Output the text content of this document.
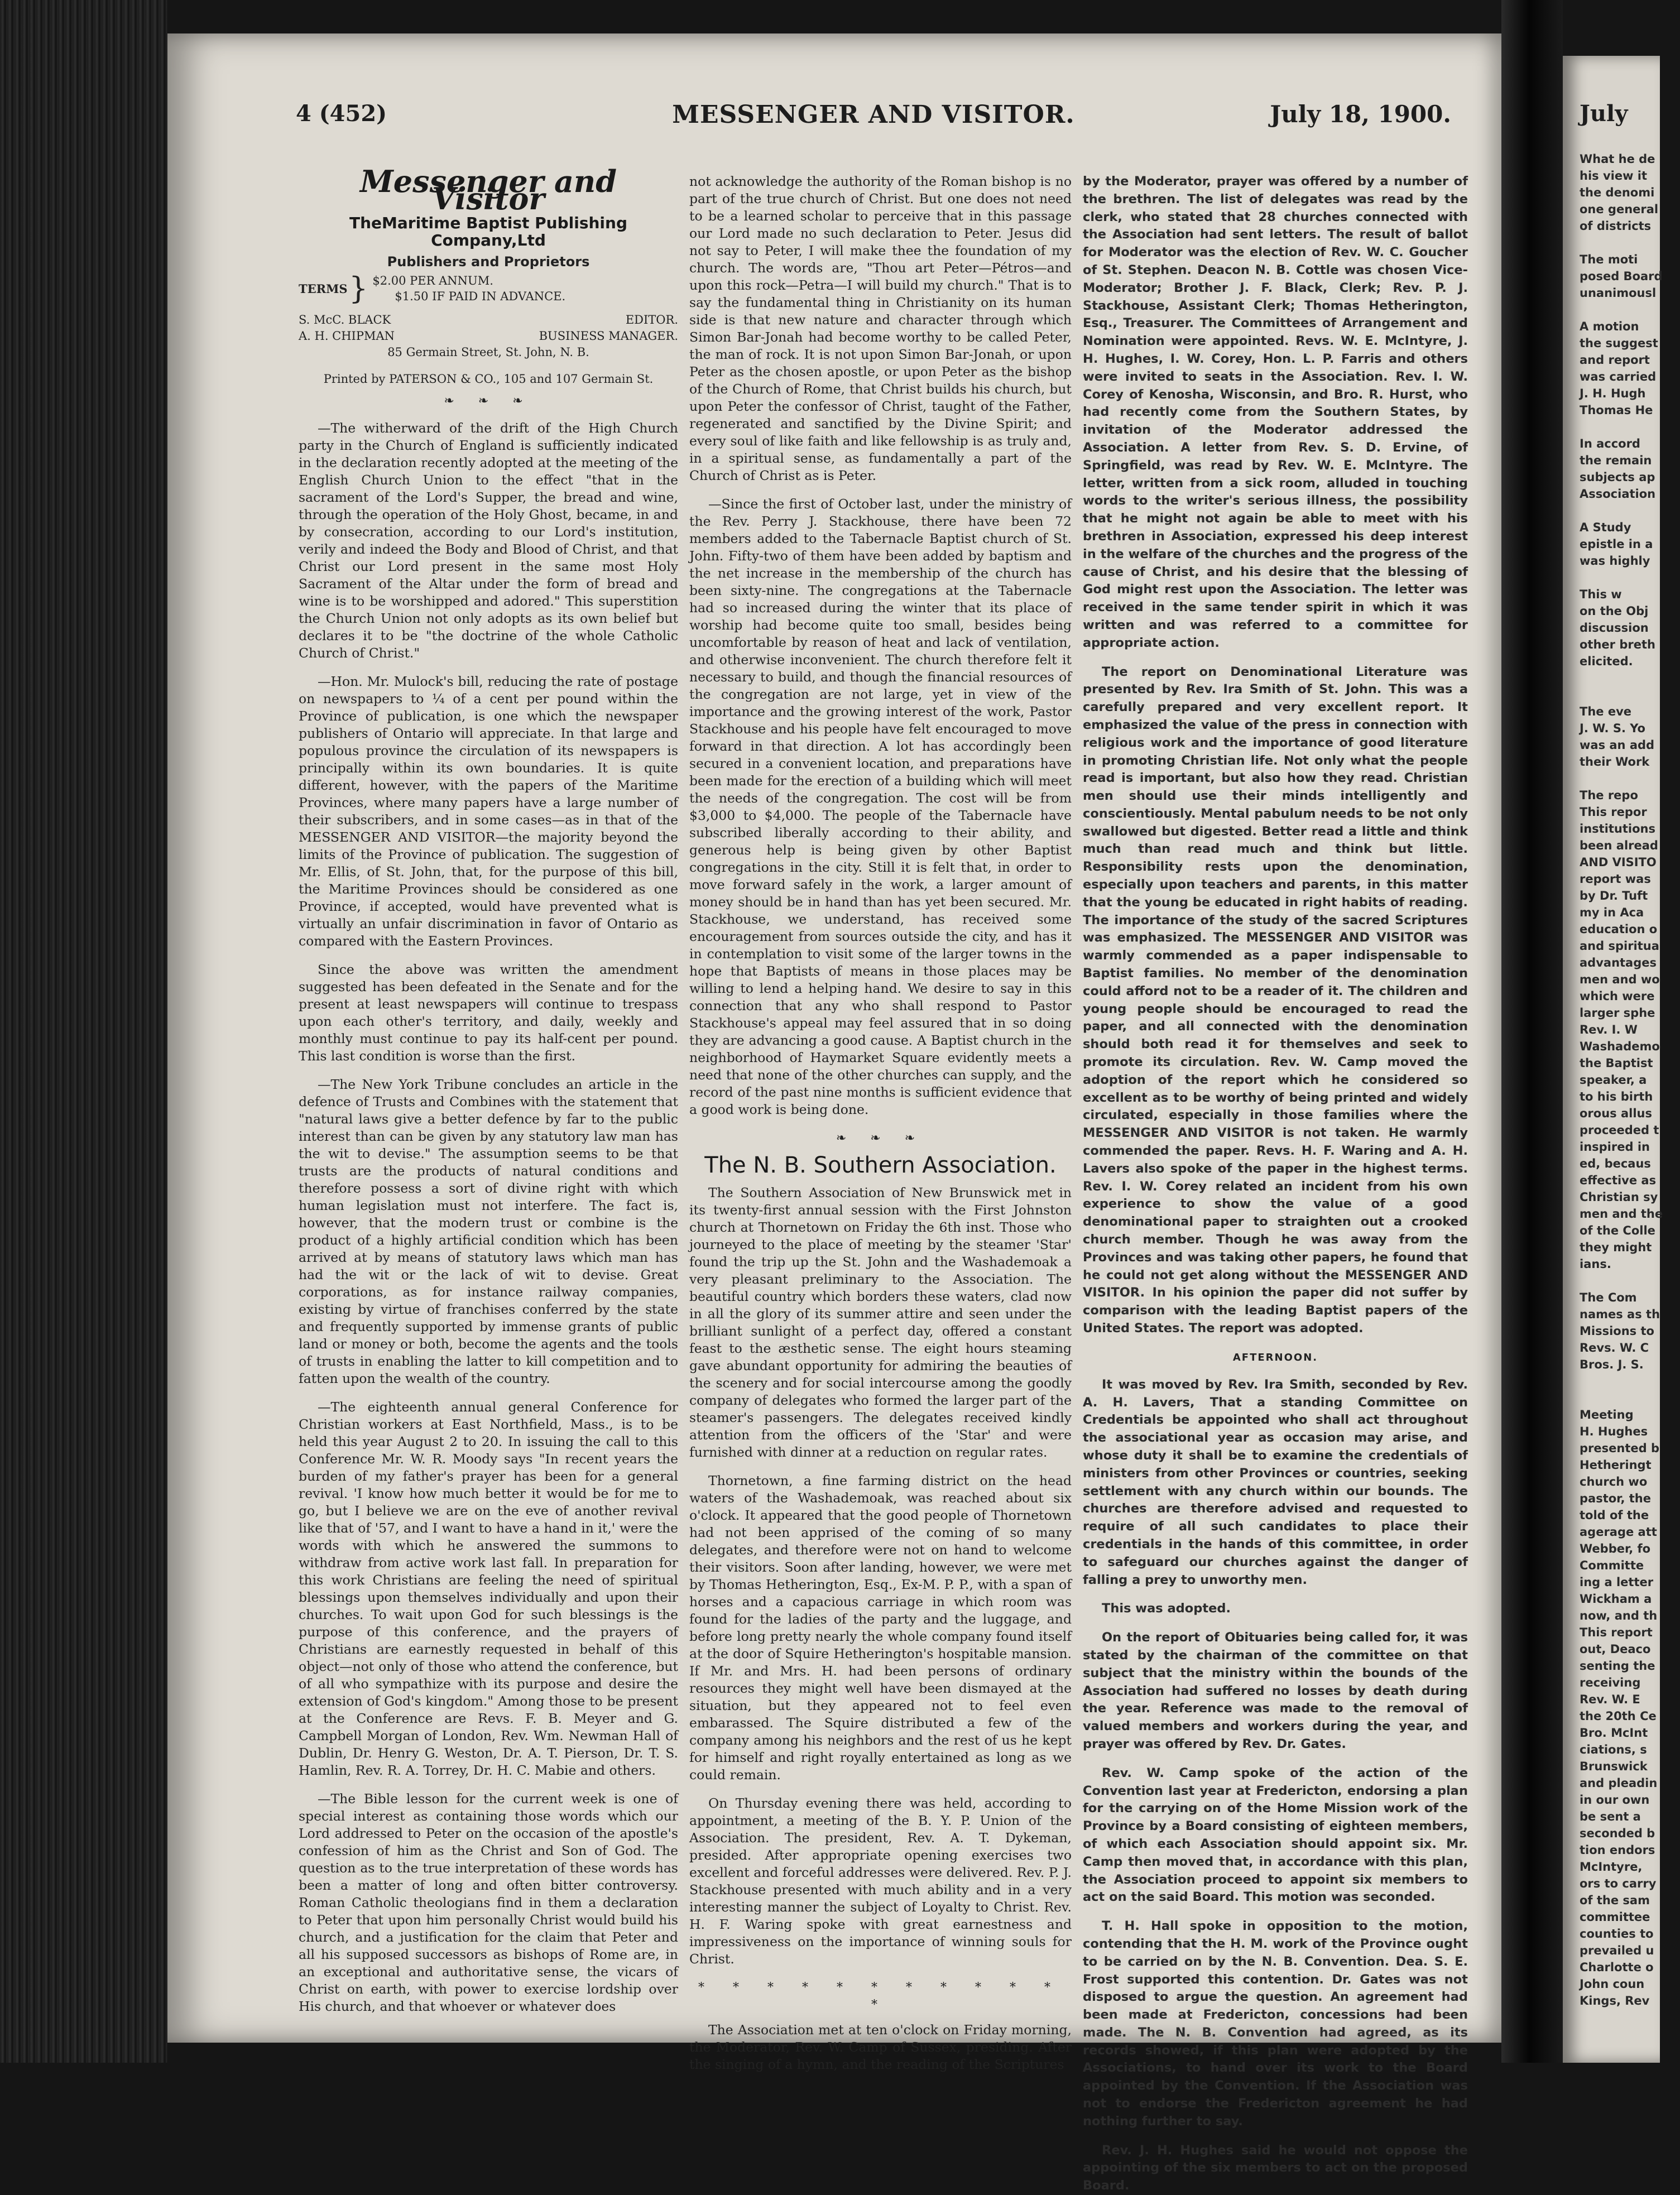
4 (452)	MESSENGER AND VISITOR.	July 18, 1900.
Messenger and Visitor
TheMaritime Baptist Publishing Company,Ltd
Publishers and Proprietors
TERMS } $2.00 PER ANNUM.
$1.50 IF PAID IN ADVANCE.
S. McC. BLACK	EDITOR.
A. H. CHIPMAN	BUSINESS MANAGER.
85 Germain Street, St. John, N. B.
Printed by PATERSON & CO., 105 and 107 Germain St.
❧ ❧ ❧

—The witherward of the drift of the High Church party in the Church of England is sufficiently indicated in the declaration recently adopted at the meeting of the English Church Union to the effect "that in the sacrament of the Lord's Supper, the bread and wine, through the operation of the Holy Ghost, became, in and by consecration, according to our Lord's institution, verily and indeed the Body and Blood of Christ, and that Christ our Lord present in the same most Holy Sacrament of the Altar under the form of bread and wine is to be worshipped and adored." This superstition the Church Union not only adopts as its own belief but declares it to be "the doctrine of the whole Catholic Church of Christ."

—Hon. Mr. Mulock's bill, reducing the rate of postage on newspapers to ¼ of a cent per pound within the Province of publication, is one which the newspaper publishers of Ontario will appreciate. In that large and populous province the circulation of its newspapers is principally within its own boundaries. It is quite different, however, with the papers of the Maritime Provinces, where many papers have a large number of their subscribers, and in some cases—as in that of the MESSENGER AND VISITOR—the majority beyond the limits of the Province of publication. The suggestion of Mr. Ellis, of St. John, that, for the purpose of this bill, the Maritime Provinces should be considered as one Province, if accepted, would have prevented what is virtually an unfair discrimination in favor of Ontario as compared with the Eastern Provinces.

Since the above was written the amendment suggested has been defeated in the Senate and for the present at least newspapers will continue to trespass upon each other's territory, and daily, weekly and monthly must continue to pay its half-cent per pound. This last condition is worse than the first.

—The New York Tribune concludes an article in the defence of Trusts and Combines with the statement that "natural laws give a better defence by far to the public interest than can be given by any statutory law man has the wit to devise." The assumption seems to be that trusts are the products of natural conditions and therefore possess a sort of divine right with which human legislation must not interfere. The fact is, however, that the modern trust or combine is the product of a highly artificial condition which has been arrived at by means of statutory laws which man has had the wit or the lack of wit to devise. Great corporations, as for instance railway companies, existing by virtue of franchises conferred by the state and frequently supported by immense grants of public land or money or both, become the agents and the tools of trusts in enabling the latter to kill competition and to fatten upon the wealth of the country.

—The eighteenth annual general Conference for Christian workers at East Northfield, Mass., is to be held this year August 2 to 20. In issuing the call to this Conference Mr. W. R. Moody says "In recent years the burden of my father's prayer has been for a general revival. 'I know how much better it would be for me to go, but I believe we are on the eve of another revival like that of '57, and I want to have a hand in it,' were the words with which he answered the summons to withdraw from active work last fall. In preparation for this work Christians are feeling the need of spiritual blessings upon themselves individually and upon their churches. To wait upon God for such blessings is the purpose of this conference, and the prayers of Christians are earnestly requested in behalf of this object—not only of those who attend the conference, but of all who sympathize with its purpose and desire the extension of God's kingdom." Among those to be present at the Conference are Revs. F. B. Meyer and G. Campbell Morgan of London, Rev. Wm. Newman Hall of Dublin, Dr. Henry G. Weston, Dr. A. T. Pierson, Dr. T. S. Hamlin, Rev. R. A. Torrey, Dr. H. C. Mabie and others.

—The Bible lesson for the current week is one of special interest as containing those words which our Lord addressed to Peter on the occasion of the apostle's confession of him as the Christ and Son of God. The question as to the true interpretation of these words has been a matter of long and often bitter controversy. Roman Catholic theologians find in them a declaration to Peter that upon him personally Christ would build his church, and a justification for the claim that Peter and all his supposed successors as bishops of Rome are, in an exceptional and authoritative sense, the vicars of Christ on earth, with power to exercise lordship over His church, and that whoever or whatever does

not acknowledge the authority of the Roman bishop is no part of the true church of Christ. But one does not need to be a learned scholar to perceive that in this passage our Lord made no such declaration to Peter. Jesus did not say to Peter, I will make thee the foundation of my church. The words are, "Thou art Peter—Pétros—and upon this rock—Petra—I will build my church." That is to say the fundamental thing in Christianity on its human side is that new nature and character through which Simon Bar-Jonah had become worthy to be called Peter, the man of rock. It is not upon Simon Bar-Jonah, or upon Peter as the chosen apostle, or upon Peter as the bishop of the Church of Rome, that Christ builds his church, but upon Peter the confessor of Christ, taught of the Father, regenerated and sanctified by the Divine Spirit; and every soul of like faith and like fellowship is as truly and, in a spiritual sense, as fundamentally a part of the Church of Christ as is Peter.

—Since the first of October last, under the ministry of the Rev. Perry J. Stackhouse, there have been 72 members added to the Tabernacle Baptist church of St. John. Fifty-two of them have been added by baptism and the net increase in the membership of the church has been sixty-nine. The congregations at the Tabernacle had so increased during the winter that its place of worship had become quite too small, besides being uncomfortable by reason of heat and lack of ventilation, and otherwise inconvenient. The church therefore felt it necessary to build, and though the financial resources of the congregation are not large, yet in view of the importance and the growing interest of the work, Pastor Stackhouse and his people have felt encouraged to move forward in that direction. A lot has accordingly been secured in a convenient location, and preparations have been made for the erection of a building which will meet the needs of the congregation. The cost will be from $3,000 to $4,000. The people of the Tabernacle have subscribed liberally according to their ability, and generous help is being given by other Baptist congregations in the city. Still it is felt that, in order to move forward safely in the work, a larger amount of money should be in hand than has yet been secured. Mr. Stackhouse, we understand, has received some encouragement from sources outside the city, and has it in contemplation to visit some of the larger towns in the hope that Baptists of means in those places may be willing to lend a helping hand. We desire to say in this connection that any who shall respond to Pastor Stackhouse's appeal may feel assured that in so doing they are advancing a good cause. A Baptist church in the neighborhood of Haymarket Square evidently meets a need that none of the other churches can supply, and the record of the past nine months is sufficient evidence that a good work is being done.

❧ ❧ ❧
The N. B. Southern Association.

The Southern Association of New Brunswick met in its twenty-first annual session with the First Johnston church at Thornetown on Friday the 6th inst. Those who journeyed to the place of meeting by the steamer 'Star' found the trip up the St. John and the Washademoak a very pleasant preliminary to the Association. The beautiful country which borders these waters, clad now in all the glory of its summer attire and seen under the brilliant sunlight of a perfect day, offered a constant feast to the æsthetic sense. The eight hours steaming gave abundant opportunity for admiring the beauties of the scenery and for social intercourse among the goodly company of delegates who formed the larger part of the steamer's passengers. The delegates received kindly attention from the officers of the 'Star' and were furnished with dinner at a reduction on regular rates.

Thornetown, a fine farming district on the head waters of the Washademoak, was reached about six o'clock. It appeared that the good people of Thornetown had not been apprised of the coming of so many delegates, and therefore were not on hand to welcome their visitors. Soon after landing, however, we were met by Thomas Hetherington, Esq., Ex-M. P. P., with a span of horses and a capacious carriage in which room was found for the ladies of the party and the luggage, and before long pretty nearly the whole company found itself at the door of Squire Hetherington's hospitable mansion. If Mr. and Mrs. H. had been persons of ordinary resources they might well have been dismayed at the situation, but they appeared not to feel even embarassed. The Squire distributed a few of the company among his neighbors and the rest of us he kept for himself and right royally entertained as long as we could remain.

On Thursday evening there was held, according to appointment, a meeting of the B. Y. P. Union of the Association. The president, Rev. A. T. Dykeman, presided. After appropriate opening exercises two excellent and forceful addresses were delivered. Rev. P. J. Stackhouse presented with much ability and in a very interesting manner the subject of Loyalty to Christ. Rev. H. F. Waring spoke with great earnestness and impressiveness on the importance of winning souls for Christ.

* * * * * * * * * * * *

The Association met at ten o'clock on Friday morning, the Moderator, Rev. W. Camp of Sussex, presiding. After the singing of a hymn, and the reading of the Scriptures

by the Moderator, prayer was offered by a number of the brethren. The list of delegates was read by the clerk, who stated that 28 churches connected with the Association had sent letters. The result of ballot for Moderator was the election of Rev. W. C. Goucher of St. Stephen. Deacon N. B. Cottle was chosen Vice-Moderator; Brother J. F. Black, Clerk; Rev. P. J. Stackhouse, Assistant Clerk; Thomas Hetherington, Esq., Treasurer. The Committees of Arrangement and Nomination were appointed. Revs. W. E. McIntyre, J. H. Hughes, I. W. Corey, Hon. L. P. Farris and others were invited to seats in the Association. Rev. I. W. Corey of Kenosha, Wisconsin, and Bro. R. Hurst, who had recently come from the Southern States, by invitation of the Moderator addressed the Association. A letter from Rev. S. D. Ervine, of Springfield, was read by Rev. W. E. McIntyre. The letter, written from a sick room, alluded in touching words to the writer's serious illness, the possibility that he might not again be able to meet with his brethren in Association, expressed his deep interest in the welfare of the churches and the progress of the cause of Christ, and his desire that the blessing of God might rest upon the Association. The letter was received in the same tender spirit in which it was written and was referred to a committee for appropriate action.

The report on Denominational Literature was presented by Rev. Ira Smith of St. John. This was a carefully prepared and very excellent report. It emphasized the value of the press in connection with religious work and the importance of good literature in promoting Christian life. Not only what the people read is important, but also how they read. Christian men should use their minds intelligently and conscientiously. Mental pabulum needs to be not only swallowed but digested. Better read a little and think much than read much and think but little. Responsibility rests upon the denomination, especially upon teachers and parents, in this matter that the young be educated in right habits of reading. The importance of the study of the sacred Scriptures was emphasized. The MESSENGER AND VISITOR was warmly commended as a paper indispensable to Baptist families. No member of the denomination could afford not to be a reader of it. The children and young people should be encouraged to read the paper, and all connected with the denomination should both read it for themselves and seek to promote its circulation. Rev. W. Camp moved the adoption of the report which he considered so excellent as to be worthy of being printed and widely circulated, especially in those families where the MESSENGER AND VISITOR is not taken. He warmly commended the paper. Revs. H. F. Waring and A. H. Lavers also spoke of the paper in the highest terms. Rev. I. W. Corey related an incident from his own experience to show the value of a good denominational paper to straighten out a crooked church member. Though he was away from the Provinces and was taking other papers, he found that he could not get along without the MESSENGER AND VISITOR. In his opinion the paper did not suffer by comparison with the leading Baptist papers of the United States. The report was adopted.

AFTERNOON.

It was moved by Rev. Ira Smith, seconded by Rev. A. H. Lavers, That a standing Committee on Credentials be appointed who shall act throughout the associational year as occasion may arise, and whose duty it shall be to examine the credentials of ministers from other Provinces or countries, seeking settlement with any church within our bounds. The churches are therefore advised and requested to require of all such candidates to place their credentials in the hands of this committee, in order to safeguard our churches against the danger of falling a prey to unworthy men.

This was adopted.

On the report of Obituaries being called for, it was stated by the chairman of the committee on that subject that the ministry within the bounds of the Association had suffered no losses by death during the year. Reference was made to the removal of valued members and workers during the year, and prayer was offered by Rev. Dr. Gates.

Rev. W. Camp spoke of the action of the Convention last year at Fredericton, endorsing a plan for the carrying on of the Home Mission work of the Province by a Board consisting of eighteen members, of which each Association should appoint six. Mr. Camp then moved that, in accordance with this plan, the Association proceed to appoint six members to act on the said Board. This motion was seconded.

T. H. Hall spoke in opposition to the motion, contending that the H. M. work of the Province ought to be carried on by the N. B. Convention. Dea. S. E. Frost supported this contention. Dr. Gates was not disposed to argue the question. An agreement had been made at Fredericton, concessions had been made. The N. B. Convention had agreed, as its records showed, if this plan were adopted by the Associations, to hand over its work to the Board appointed by the Convention. If the Association was not to endorse the Fredericton agreement he had nothing further to say.

Rev. J. H. Hughes said he would not oppose the appointing of the six members to act on the proposed Board.

July
What he de
his view it
the denomi
one general
of districts

The moti
posed Board
unanimousl

A motion
the suggest
and report
was carried
J. H. Hugh
Thomas He

In accord
the remain
subjects ap
Association

A Study
epistle in a
was highly

This w
on the Obj
discussion
other breth
elicited.

The eve
J. W. S. Yo
was an add
their Work

The repo
This repor
institutions
been alread
AND VISITO
report was
by Dr. Tuft
my in Aca
education o
and spiritua
advantages
men and wo
which were
larger sphe
Rev. I. W
Washademo
the Baptist
speaker, a
to his birth
orous allus
proceeded t
inspired in
ed, becaus
effective as
Christian sy
men and the
of the Colle
they might
ians.

The Com
names as th
Missions to
Revs. W. C
Bros. J. S.

Meeting
H. Hughes
presented b
Hetheringt
church wo
pastor, the
told of the
agerage att
Webber, fo
Committe
ing a letter
Wickham a
now, and th
This report
out, Deaco
senting the
receiving
Rev. W. E
the 20th Ce
Bro. McInt
ciations, s
Brunswick
and pleadin
in our own
be sent a
seconded b
tion endors
McIntyre,
ors to carry
of the sam
committee
counties to
prevailed u
Charlotte o
John coun
Kings, Rev
